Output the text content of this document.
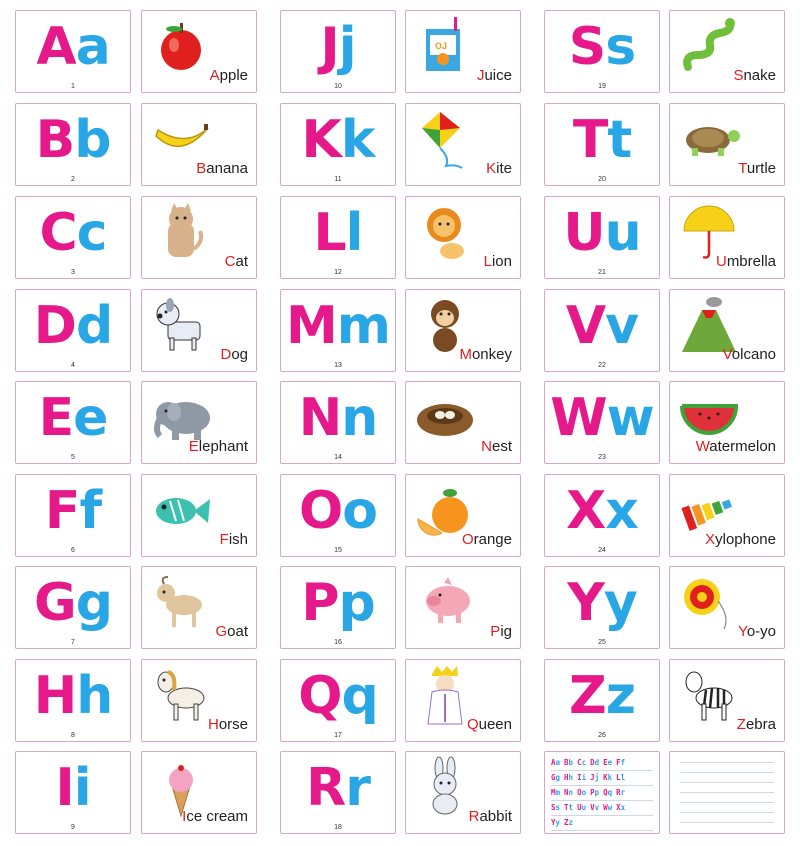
Aa
1
Apple
Bb
2
Banana
Cc
3
Cat
Dd
4
Dog
Ee
5
Elephant
Ff
6
Fish
Gg
7
Goat
Hh
8
Horse
Ii
9
Ice cream
Jj
10
OJ
Juice
Kk
11
Kite
Ll
12
Lion
Mm
13
Monkey
Nn
14
Nest
Oo
15
Orange
Pp
16
Pig
Qq
17
Queen
Rr
18
Rabbit
Ss
19
Snake
Tt
20
Turtle
Uu
21
Umbrella
Vv
22
Volcano
Ww
23
Watermelon
Xx
24
Xylophone
Yy
25
Yo-yo
Zz
26
Zebra
Aa Bb Cc Dd Ee Ff
Gg Hh Ii Jj Kk Ll
Mm Nn Oo Pp Qq Rr
Ss Tt Uu Vv Ww Xx
Yy Zz
